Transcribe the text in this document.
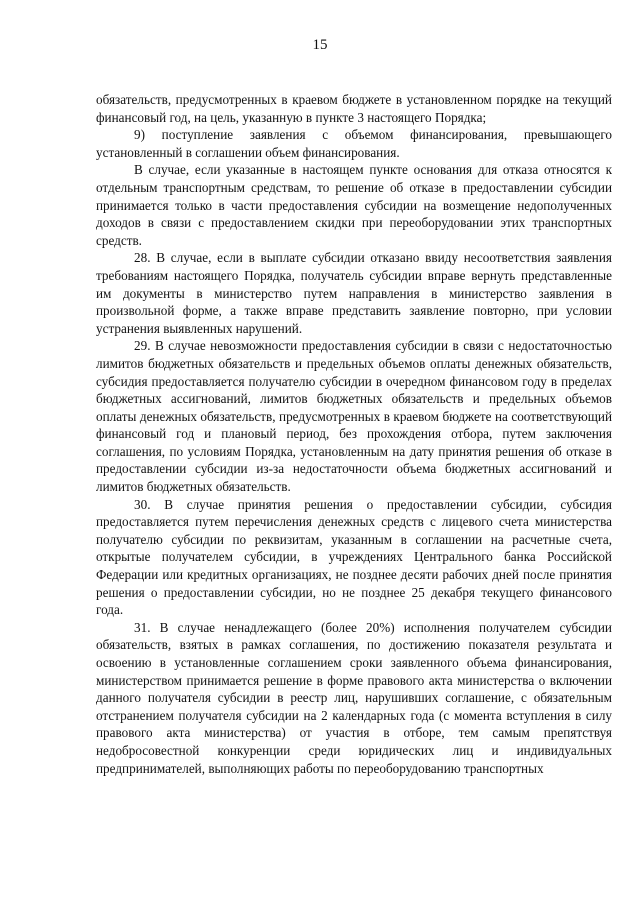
15

обязательств, предусмотренных в краевом бюджете в установленном порядке на текущий финансовый год, на цель, указанную в пункте 3 настоящего Порядка;

9) поступление заявления с объемом финансирования, превышающего установленный в соглашении объем финансирования.

В случае, если указанные в настоящем пункте основания для отказа относятся к отдельным транспортным средствам, то решение об отказе в предоставлении субсидии принимается только в части предоставления субсидии на возмещение недополученных доходов в связи с предоставлением скидки при переоборудовании этих транспортных средств.

28. В случае, если в выплате субсидии отказано ввиду несоответствия заявления требованиям настоящего Порядка, получатель субсидии вправе вернуть представленные им документы в министерство путем направления в министерство заявления в произвольной форме, а также вправе представить заявление повторно, при условии устранения выявленных нарушений.

29. В случае невозможности предоставления субсидии в связи с недостаточностью лимитов бюджетных обязательств и предельных объемов оплаты денежных обязательств, субсидия предоставляется получателю субсидии в очередном финансовом году в пределах бюджетных ассигнований, лимитов бюджетных обязательств и предельных объемов оплаты денежных обязательств, предусмотренных в краевом бюджете на соответствующий финансовый год и плановый период, без прохождения отбора, путем заключения соглашения, по условиям Порядка, установленным на дату принятия решения об отказе в предоставлении субсидии из-за недостаточности объема бюджетных ассигнований и лимитов бюджетных обязательств.

30. В случае принятия решения о предоставлении субсидии, субсидия предоставляется путем перечисления денежных средств с лицевого счета министерства получателю субсидии по реквизитам, указанным в соглашении на расчетные счета, открытые получателем субсидии, в учреждениях Центрального банка Российской Федерации или кредитных организациях, не позднее десяти рабочих дней после принятия решения о предоставлении субсидии, но не позднее 25 декабря текущего финансового года.

31. В случае ненадлежащего (более 20%) исполнения получателем субсидии обязательств, взятых в рамках соглашения, по достижению показателя результата и освоению в установленные соглашением сроки заявленного объема финансирования, министерством принимается решение в форме правового акта министерства о включении данного получателя субсидии в реестр лиц, нарушивших соглашение, с обязательным отстранением получателя субсидии на 2 календарных года (с момента вступления в силу правового акта министерства) от участия в отборе, тем самым препятствуя недобросовестной конкуренции среди юридических лиц и индивидуальных предпринимателей, выполняющих работы по переоборудованию транспортных
